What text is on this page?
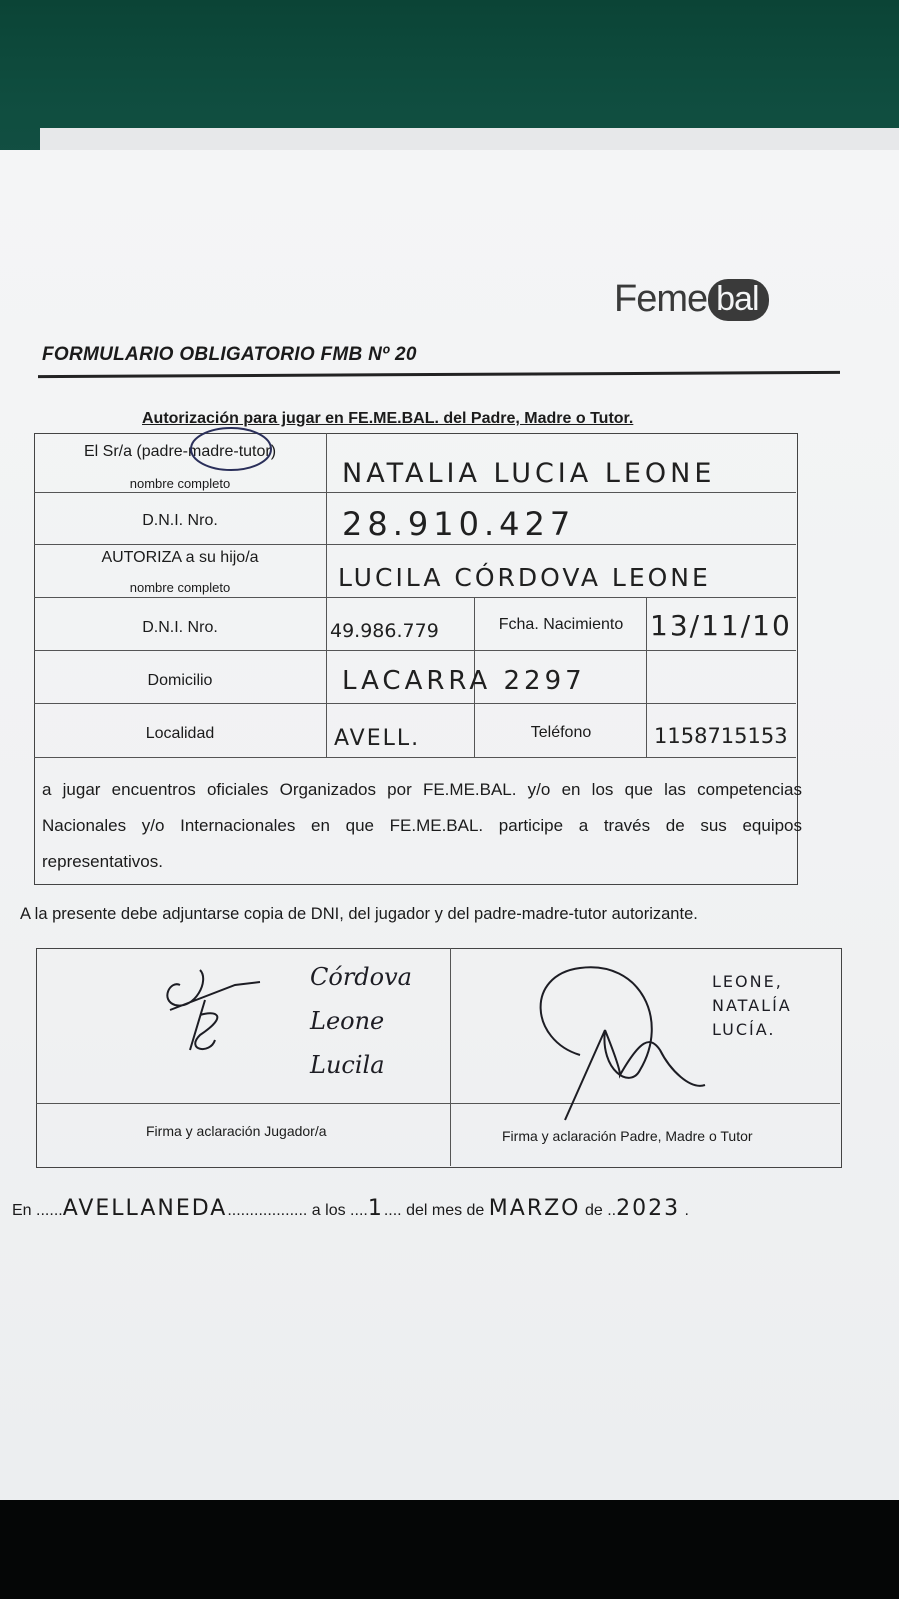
Feme bal
FORMULARIO OBLIGATORIO FMB Nº 20
Autorización para jugar en FE.ME.BAL. del Padre, Madre o Tutor.
El Sr/a (padre-madre-tutor)
nombre completo	NATALIA LUCIA LEONE
D.N.I. Nro.	28.910.427
AUTORIZA a su hijo/a
nombre completo	LUCILA CÓRDOVA LEONE
D.N.I. Nro.	49.986.779	Fcha. Nacimiento 13/11/10
Domicilio	LACARRA 2297
Localidad	AVELL.	Teléfono	1158715153
a jugar encuentros oficiales Organizados por FE.ME.BAL. y/o en los que las competencias Nacionales y/o Internacionales en que FE.ME.BAL. participe a través de sus equipos representativos.
A la presente debe adjuntarse copia de DNI, del jugador y del padre-madre-tutor autorizante.
Córdova
Leone
Lucila
LEONE,
NATALÍA
LUCÍA.
Firma y aclaración Jugador/a	Firma y aclaración Padre, Madre o Tutor
En ......AVELLANEDA.................. a los ....1.... del mes de MARZO de ..2023 .
